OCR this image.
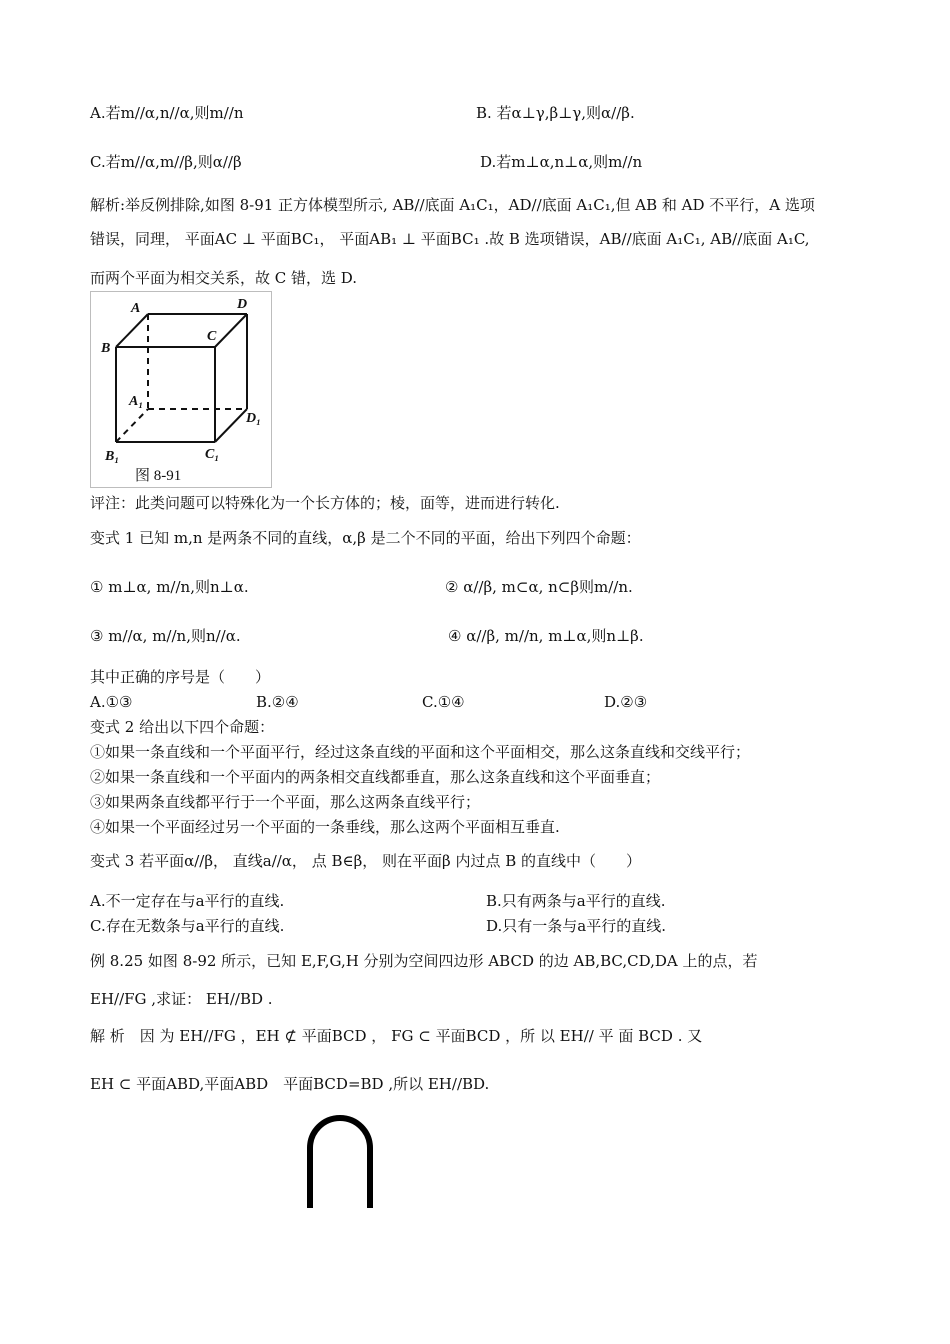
A.若m//α,n//α,则m//n	B. 若α⊥γ,β⊥γ,则α//β.
C.若m//α,m//β,则α//β	D.若m⊥α,n⊥α,则m//n
解析:举反例排除,如图 8-91 正方体模型所示, AB//底面 A₁C₁，AD//底面 A₁C₁,但 AB 和 AD 不平行，A 选项
错误，同理， 平面AC ⊥ 平面BC₁， 平面AB₁ ⊥ 平面BC₁ .故 B 选项错误，AB//底面 A₁C₁, AB//底面 A₁C,
而两个平面为相交关系，故 C 错，选 D.
A	D
B
C
A₁
D₁
B₁	C₁
图 8-91
评注：此类问题可以特殊化为一个长方体的；棱，面等，进而进行转化.
变式 1 已知 m,n 是两条不同的直线，α,β 是二个不同的平面，给出下列四个命题：
① m⊥α, m//n,则n⊥α.	② α//β, m⊂α, n⊂β则m//n.
③ m//α, m//n,则n//α.	④ α//β, m//n, m⊥α,则n⊥β.
其中正确的序号是（　　）
A.①③	B.②④	C.①④	D.②③
变式 2 给出以下四个命题：
①如果一条直线和一个平面平行，经过这条直线的平面和这个平面相交，那么这条直线和交线平行；
②如果一条直线和一个平面内的两条相交直线都垂直，那么这条直线和这个平面垂直；
③如果两条直线都平行于一个平面，那么这两条直线平行；
④如果一个平面经过另一个平面的一条垂线，那么这两个平面相互垂直.
变式 3 若平面α//β， 直线a//α， 点 B∈β， 则在平面β 内过点 B 的直线中（　　）
A.不一定存在与a平行的直线.	B.只有两条与a平行的直线.
C.存在无数条与a平行的直线.	D.只有一条与a平行的直线.
例 8.25 如图 8-92 所示，已知 E,F,G,H 分别为空间四边形 ABCD 的边 AB,BC,CD,DA 上的点，若
EH//FG ,求证： EH//BD .
解 析　因 为 EH//FG ，EH ⊄ 平面BCD ， FG ⊂ 平面BCD ，所 以 EH// 平 面 BCD . 又
EH ⊂ 平面ABD,平面ABD　平面BCD=BD ,所以 EH//BD.
